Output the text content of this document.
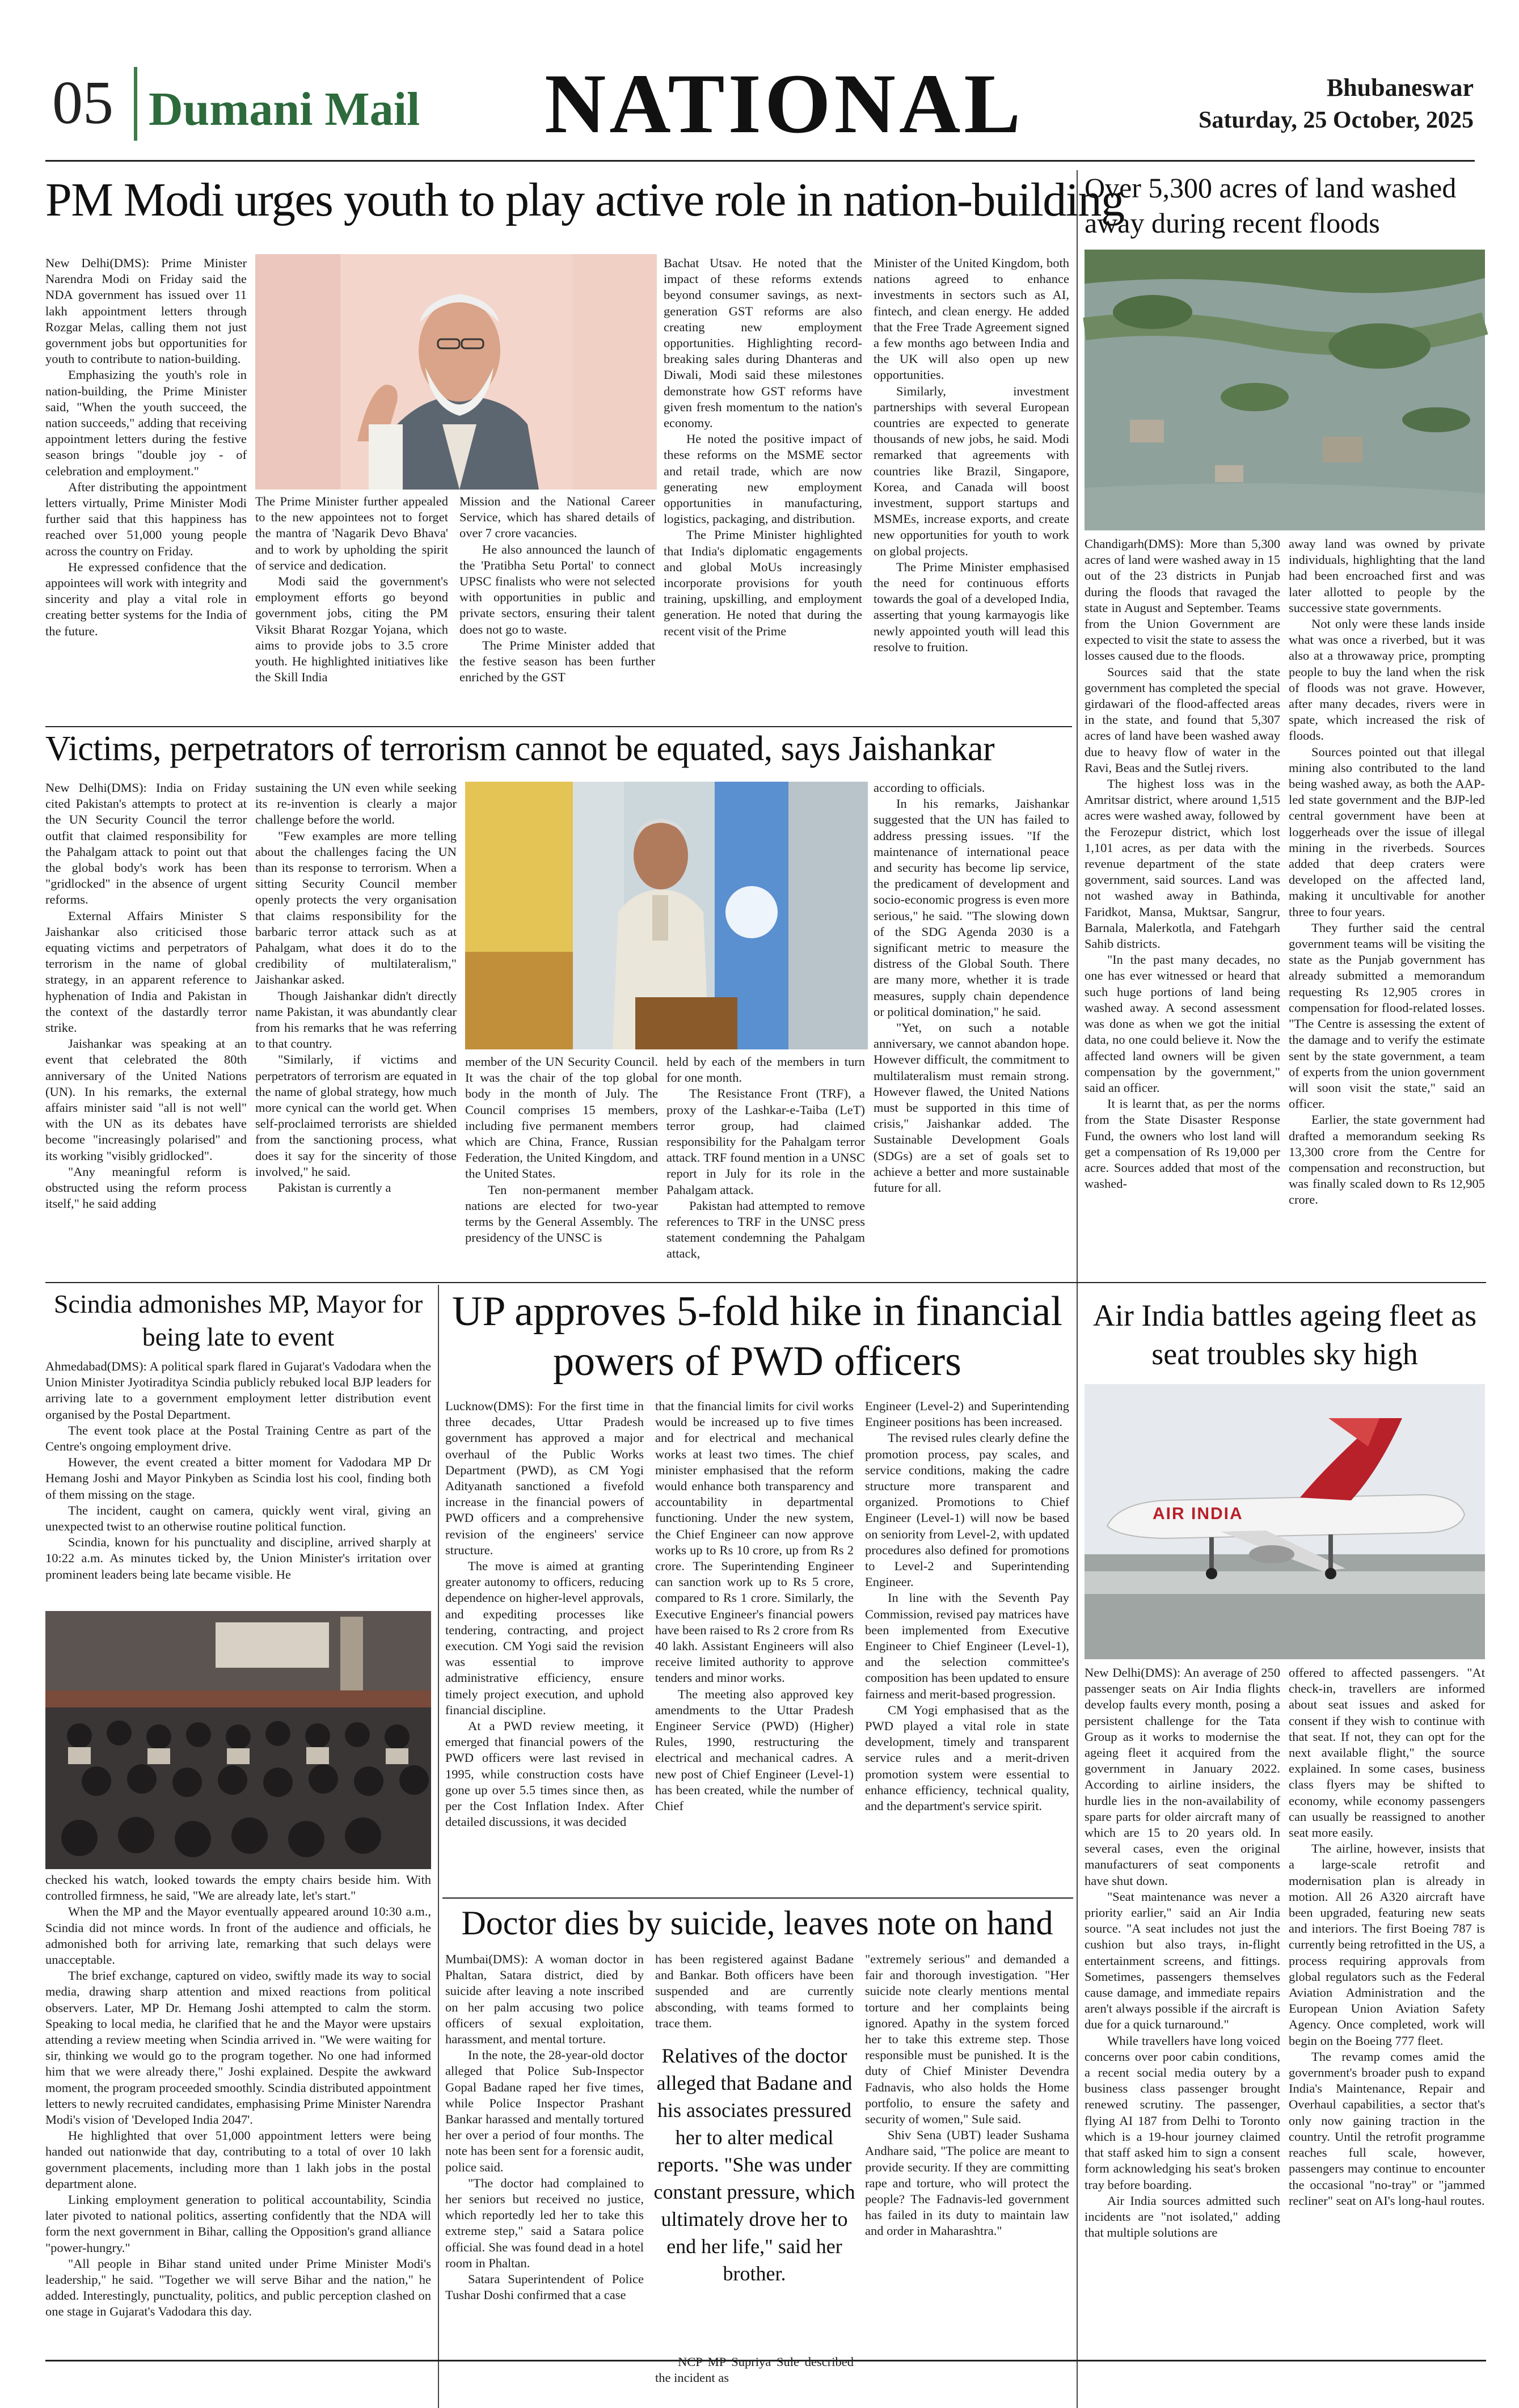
05 Dumani Mail NATIONAL	Bhubaneswar
Saturday, 25 October, 2025
PM Modi urges youth to play active role in nation-building

New Delhi(DMS): Prime Minister Narendra Modi on Friday said the NDA government has issued over 11 lakh appointment letters through Rozgar Melas, calling them not just government jobs but opportunities for youth to contribute to nation-building.

Emphasizing the youth's role in nation-building, the Prime Minister said, "When the youth succeed, the nation succeeds," adding that receiving appointment letters during the festive season brings "double joy - of celebration and employment."

After distributing the appointment letters virtually, Prime Minister Modi further said that this happiness has reached over 51,000 young people across the country on Friday.

He expressed confidence that the appointees will work with integrity and sincerity and play a vital role in creating better systems for the India of the future.

The Prime Minister further appealed to the new appointees not to forget the mantra of 'Nagarik Devo Bhava' and to work by upholding the spirit of service and dedication.

Modi said the government's employment efforts go beyond government jobs, citing the PM Viksit Bharat Rozgar Yojana, which aims to provide jobs to 3.5 crore youth. He highlighted initiatives like the Skill India

Mission and the National Career Service, which has shared details of over 7 crore vacancies.

He also announced the launch of the 'Pratibha Setu Portal' to connect UPSC finalists who were not selected with opportunities in public and private sectors, ensuring their talent does not go to waste.

The Prime Minister added that the festive season has been further enriched by the GST

Bachat Utsav. He noted that the impact of these reforms extends beyond consumer savings, as next-generation GST reforms are also creating new employment opportunities. Highlighting record-breaking sales during Dhanteras and Diwali, Modi said these milestones demonstrate how GST reforms have given fresh momentum to the nation's economy.

He noted the positive impact of these reforms on the MSME sector and retail trade, which are now generating new employment opportunities in manufacturing, logistics, packaging, and distribution.

The Prime Minister highlighted that India's diplomatic engagements and global MoUs increasingly incorporate provisions for youth training, upskilling, and employment generation. He noted that during the recent visit of the Prime

Minister of the United Kingdom, both nations agreed to enhance investments in sectors such as AI, fintech, and clean energy. He added that the Free Trade Agreement signed a few months ago between India and the UK will also open up new opportunities.

Similarly, investment partnerships with several European countries are expected to generate thousands of new jobs, he said. Modi remarked that agreements with countries like Brazil, Singapore, Korea, and Canada will boost investment, support startups and MSMEs, increase exports, and create new opportunities for youth to work on global projects.

The Prime Minister emphasised the need for continuous efforts towards the goal of a developed India, asserting that young karmayogis like newly appointed youth will lead this resolve to fruition.

Over 5,300 acres of land washed away during recent floods

Chandigarh(DMS): More than 5,300 acres of land were washed away in 15 out of the 23 districts in Punjab during the floods that ravaged the state in August and September. Teams from the Union Government are expected to visit the state to assess the losses caused due to the floods.

Sources said that the state government has completed the special girdawari of the flood-affected areas in the state, and found that 5,307 acres of land have been washed away due to heavy flow of water in the Ravi, Beas and the Sutlej rivers.

The highest loss was in the Amritsar district, where around 1,515 acres were washed away, followed by the Ferozepur district, which lost 1,101 acres, as per data with the revenue department of the state government, said sources. Land was not washed away in Bathinda, Faridkot, Mansa, Muktsar, Sangrur, Barnala, Malerkotla, and Fatehgarh Sahib districts.

"In the past many decades, no one has ever witnessed or heard that such huge portions of land being washed away. A second assessment was done as when we got the initial data, no one could believe it. Now the affected land owners will be given compensation by the government," said an officer.

It is learnt that, as per the norms from the State Disaster Response Fund, the owners who lost land will get a compensation of Rs 19,000 per acre. Sources added that most of the washed-

away land was owned by private individuals, highlighting that the land had been encroached first and was later allotted to people by the successive state governments.

Not only were these lands inside what was once a riverbed, but it was also at a throwaway price, prompting people to buy the land when the risk of floods was not grave. However, after many decades, rivers were in spate, which increased the risk of floods.

Sources pointed out that illegal mining also contributed to the land being washed away, as both the AAP-led state government and the BJP-led central government have been at loggerheads over the issue of illegal mining in the riverbeds. Sources added that deep craters were developed on the affected land, making it uncultivable for another three to four years.

They further said the central government teams will be visiting the state as the Punjab government has already submitted a memorandum requesting Rs 12,905 crores in compensation for flood-related losses. "The Centre is assessing the extent of the damage and to verify the estimate sent by the state government, a team of experts from the union government will soon visit the state," said an officer.

Earlier, the state government had drafted a memorandum seeking Rs 13,300 crore from the Centre for compensation and reconstruction, but was finally scaled down to Rs 12,905 crore.

Victims, perpetrators of terrorism cannot be equated, says Jaishankar

New Delhi(DMS): India on Friday cited Pakistan's attempts to protect at the UN Security Council the terror outfit that claimed responsibility for the Pahalgam attack to point out that the global body's work has been "gridlocked" in the absence of urgent reforms.

External Affairs Minister S Jaishankar also criticised those equating victims and perpetrators of terrorism in the name of global strategy, in an apparent reference to hyphenation of India and Pakistan in the context of the dastardly terror strike.

Jaishankar was speaking at an event that celebrated the 80th anniversary of the United Nations (UN). In his remarks, the external affairs minister said "all is not well" with the UN as its debates have become "increasingly polarised" and its working "visibly gridlocked".

"Any meaningful reform is obstructed using the reform process itself," he said adding

sustaining the UN even while seeking its re-invention is clearly a major challenge before the world.

"Few examples are more telling about the challenges facing the UN than its response to terrorism. When a sitting Security Council member openly protects the very organisation that claims responsibility for the barbaric terror attack such as at Pahalgam, what does it do to the credibility of multilateralism," Jaishankar asked.

Though Jaishankar didn't directly name Pakistan, it was abundantly clear from his remarks that he was referring to that country.

"Similarly, if victims and perpetrators of terrorism are equated in the name of global strategy, how much more cynical can the world get. When self-proclaimed terrorists are shielded from the sanctioning process, what does it say for the sincerity of those involved," he said.

Pakistan is currently a

member of the UN Security Council. It was the chair of the top global body in the month of July. The Council comprises 15 members, including five permanent members which are China, France, Russian Federation, the United Kingdom, and the United States.

Ten non-permanent member nations are elected for two-year terms by the General Assembly. The presidency of the UNSC is

held by each of the members in turn for one month.

The Resistance Front (TRF), a proxy of the Lashkar-e-Taiba (LeT) terror group, had claimed responsibility for the Pahalgam terror attack. TRF found mention in a UNSC report in July for its role in the Pahalgam attack.

Pakistan had attempted to remove references to TRF in the UNSC press statement condemning the Pahalgam attack,

according to officials.

In his remarks, Jaishankar suggested that the UN has failed to address pressing issues. "If the maintenance of international peace and security has become lip service, the predicament of development and socio-economic progress is even more serious," he said. "The slowing down of the SDG Agenda 2030 is a significant metric to measure the distress of the Global South. There are many more, whether it is trade measures, supply chain dependence or political domination," he said.

"Yet, on such a notable anniversary, we cannot abandon hope. However difficult, the commitment to multilateralism must remain strong. However flawed, the United Nations must be supported in this time of crisis," Jaishankar added. The Sustainable Development Goals (SDGs) are a set of goals set to achieve a better and more sustainable future for all.

Scindia admonishes MP, Mayor for being late to event

Ahmedabad(DMS): A political spark flared in Gujarat's Vadodara when the Union Minister Jyotiraditya Scindia publicly rebuked local BJP leaders for arriving late to a government employment letter distribution event organised by the Postal Department.

The event took place at the Postal Training Centre as part of the Centre's ongoing employment drive.

However, the event created a bitter moment for Vadodara MP Dr Hemang Joshi and Mayor Pinkyben as Scindia lost his cool, finding both of them missing on the stage.

The incident, caught on camera, quickly went viral, giving an unexpected twist to an otherwise routine political function.

Scindia, known for his punctuality and discipline, arrived sharply at 10:22 a.m. As minutes ticked by, the Union Minister's irritation over prominent leaders being late became visible. He

checked his watch, looked towards the empty chairs beside him. With controlled firmness, he said, "We are already late, let's start."

When the MP and the Mayor eventually appeared around 10:30 a.m., Scindia did not mince words. In front of the audience and officials, he admonished both for arriving late, remarking that such delays were unacceptable.

The brief exchange, captured on video, swiftly made its way to social media, drawing sharp attention and mixed reactions from political observers. Later, MP Dr. Hemang Joshi attempted to calm the storm. Speaking to local media, he clarified that he and the Mayor were upstairs attending a review meeting when Scindia arrived in. "We were waiting for sir, thinking we would go to the program together. No one had informed him that we were already there," Joshi explained. Despite the awkward moment, the program proceeded smoothly. Scindia distributed appointment letters to newly recruited candidates, emphasising Prime Minister Narendra Modi's vision of 'Developed India 2047'.

He highlighted that over 51,000 appointment letters were being handed out nationwide that day, contributing to a total of over 10 lakh government placements, including more than 1 lakh jobs in the postal department alone.

Linking employment generation to political accountability, Scindia later pivoted to national politics, asserting confidently that the NDA will form the next government in Bihar, calling the Opposition's grand alliance "power-hungry."

"All people in Bihar stand united under Prime Minister Modi's leadership," he said. "Together we will serve Bihar and the nation," he added. Interestingly, punctuality, politics, and public perception clashed on one stage in Gujarat's Vadodara this day.

UP approves 5-fold hike in financial powers of PWD officers

Lucknow(DMS): For the first time in three decades, Uttar Pradesh government has approved a major overhaul of the Public Works Department (PWD), as CM Yogi Adityanath sanctioned a fivefold increase in the financial powers of PWD officers and a comprehensive revision of the engineers' service structure.

The move is aimed at granting greater autonomy to officers, reducing dependence on higher-level approvals, and expediting processes like tendering, contracting, and project execution. CM Yogi said the revision was essential to improve administrative efficiency, ensure timely project execution, and uphold financial discipline.

At a PWD review meeting, it emerged that financial powers of the PWD officers were last revised in 1995, while construction costs have gone up over 5.5 times since then, as per the Cost Inflation Index. After detailed discussions, it was decided

that the financial limits for civil works would be increased up to five times and for electrical and mechanical works at least two times. The chief minister emphasised that the reform would enhance both transparency and accountability in departmental functioning. Under the new system, the Chief Engineer can now approve works up to Rs 10 crore, up from Rs 2 crore. The Superintending Engineer can sanction work up to Rs 5 crore, compared to Rs 1 crore. Similarly, the Executive Engineer's financial powers have been raised to Rs 2 crore from Rs 40 lakh. Assistant Engineers will also receive limited authority to approve tenders and minor works.

The meeting also approved key amendments to the Uttar Pradesh Engineer Service (PWD) (Higher) Rules, 1990, restructuring the electrical and mechanical cadres. A new post of Chief Engineer (Level-1) has been created, while the number of Chief

Engineer (Level-2) and Superintending Engineer positions has been increased.

The revised rules clearly define the promotion process, pay scales, and service conditions, making the cadre structure more transparent and organized. Promotions to Chief Engineer (Level-1) will now be based on seniority from Level-2, with updated procedures also defined for promotions to Level-2 and Superintending Engineer.

In line with the Seventh Pay Commission, revised pay matrices have been implemented from Executive Engineer to Chief Engineer (Level-1), and the selection committee's composition has been updated to ensure fairness and merit-based progression.

CM Yogi emphasised that as the PWD played a vital role in state development, timely and transparent service rules and a merit-driven promotion system were essential to enhance efficiency, technical quality, and the department's service spirit.

Air India battles ageing fleet as seat troubles sky high
AIR INDIA

New Delhi(DMS): An average of 250 passenger seats on Air India flights develop faults every month, posing a persistent challenge for the Tata Group as it works to modernise the ageing fleet it acquired from the government in January 2022. According to airline insiders, the hurdle lies in the non-availability of spare parts for older aircraft many of which are 15 to 20 years old. In several cases, even the original manufacturers of seat components have shut down.

"Seat maintenance was never a priority earlier," said an Air India source. "A seat includes not just the cushion but also trays, in-flight entertainment screens, and fittings. Sometimes, passengers themselves cause damage, and immediate repairs aren't always possible if the aircraft is due for a quick turnaround."

While travellers have long voiced concerns over poor cabin conditions, a recent social media outery by a business class passenger brought renewed scrutiny. The passenger, flying AI 187 from Delhi to Toronto which is a 19-hour journey claimed that staff asked him to sign a consent form acknowledging his seat's broken tray before boarding.

Air India sources admitted such incidents are "not isolated," adding that multiple solutions are

offered to affected passengers. "At check-in, travellers are informed about seat issues and asked for consent if they wish to continue with that seat. If not, they can opt for the next available flight," the source explained. In some cases, business class flyers may be shifted to economy, while economy passengers can usually be reassigned to another seat more easily.

The airline, however, insists that a large-scale retrofit and modernisation plan is already in motion. All 26 A320 aircraft have been upgraded, featuring new seats and interiors. The first Boeing 787 is currently being retrofitted in the US, a process requiring approvals from global regulators such as the Federal Aviation Administration and the European Union Aviation Safety Agency. Once completed, work will begin on the Boeing 777 fleet.

The revamp comes amid the government's broader push to expand India's Maintenance, Repair and Overhaul capabilities, a sector that's only now gaining traction in the country. Until the retrofit programme reaches full scale, however, passengers may continue to encounter the occasional "no-tray" or "jammed recliner" seat on AI's long-haul routes.

Doctor dies by suicide, leaves note on hand

Mumbai(DMS): A woman doctor in Phaltan, Satara district, died by suicide after leaving a note inscribed on her palm accusing two police officers of sexual exploitation, harassment, and mental torture.

In the note, the 28-year-old doctor alleged that Police Sub-Inspector Gopal Badane raped her five times, while Police Inspector Prashant Bankar harassed and mentally tortured her over a period of four months. The note has been sent for a forensic audit, police said.

"The doctor had complained to her seniors but received no justice, which reportedly led her to take this extreme step," said a Satara police official. She was found dead in a hotel room in Phaltan.

Satara Superintendent of Police Tushar Doshi confirmed that a case

has been registered against Badane and Bankar. Both officers have been suspended and are currently absconding, with teams formed to trace them.

Relatives of the doctor alleged that Badane and his associates pressured her to alter medical reports. "She was under constant pressure, which ultimately drove her to end her life," said her brother.

NCP MP Supriya Sule described the incident as

"extremely serious" and demanded a fair and thorough investigation. "Her suicide note clearly mentions mental torture and her complaints being ignored. Apathy in the system forced her to take this extreme step. Those responsible must be punished. It is the duty of Chief Minister Devendra Fadnavis, who also holds the Home portfolio, to ensure the safety and security of women," Sule said.

Shiv Sena (UBT) leader Sushama Andhare said, "The police are meant to provide security. If they are committing rape and torture, who will protect the people? The Fadnavis-led government has failed in its duty to maintain law and order in Maharashtra."
